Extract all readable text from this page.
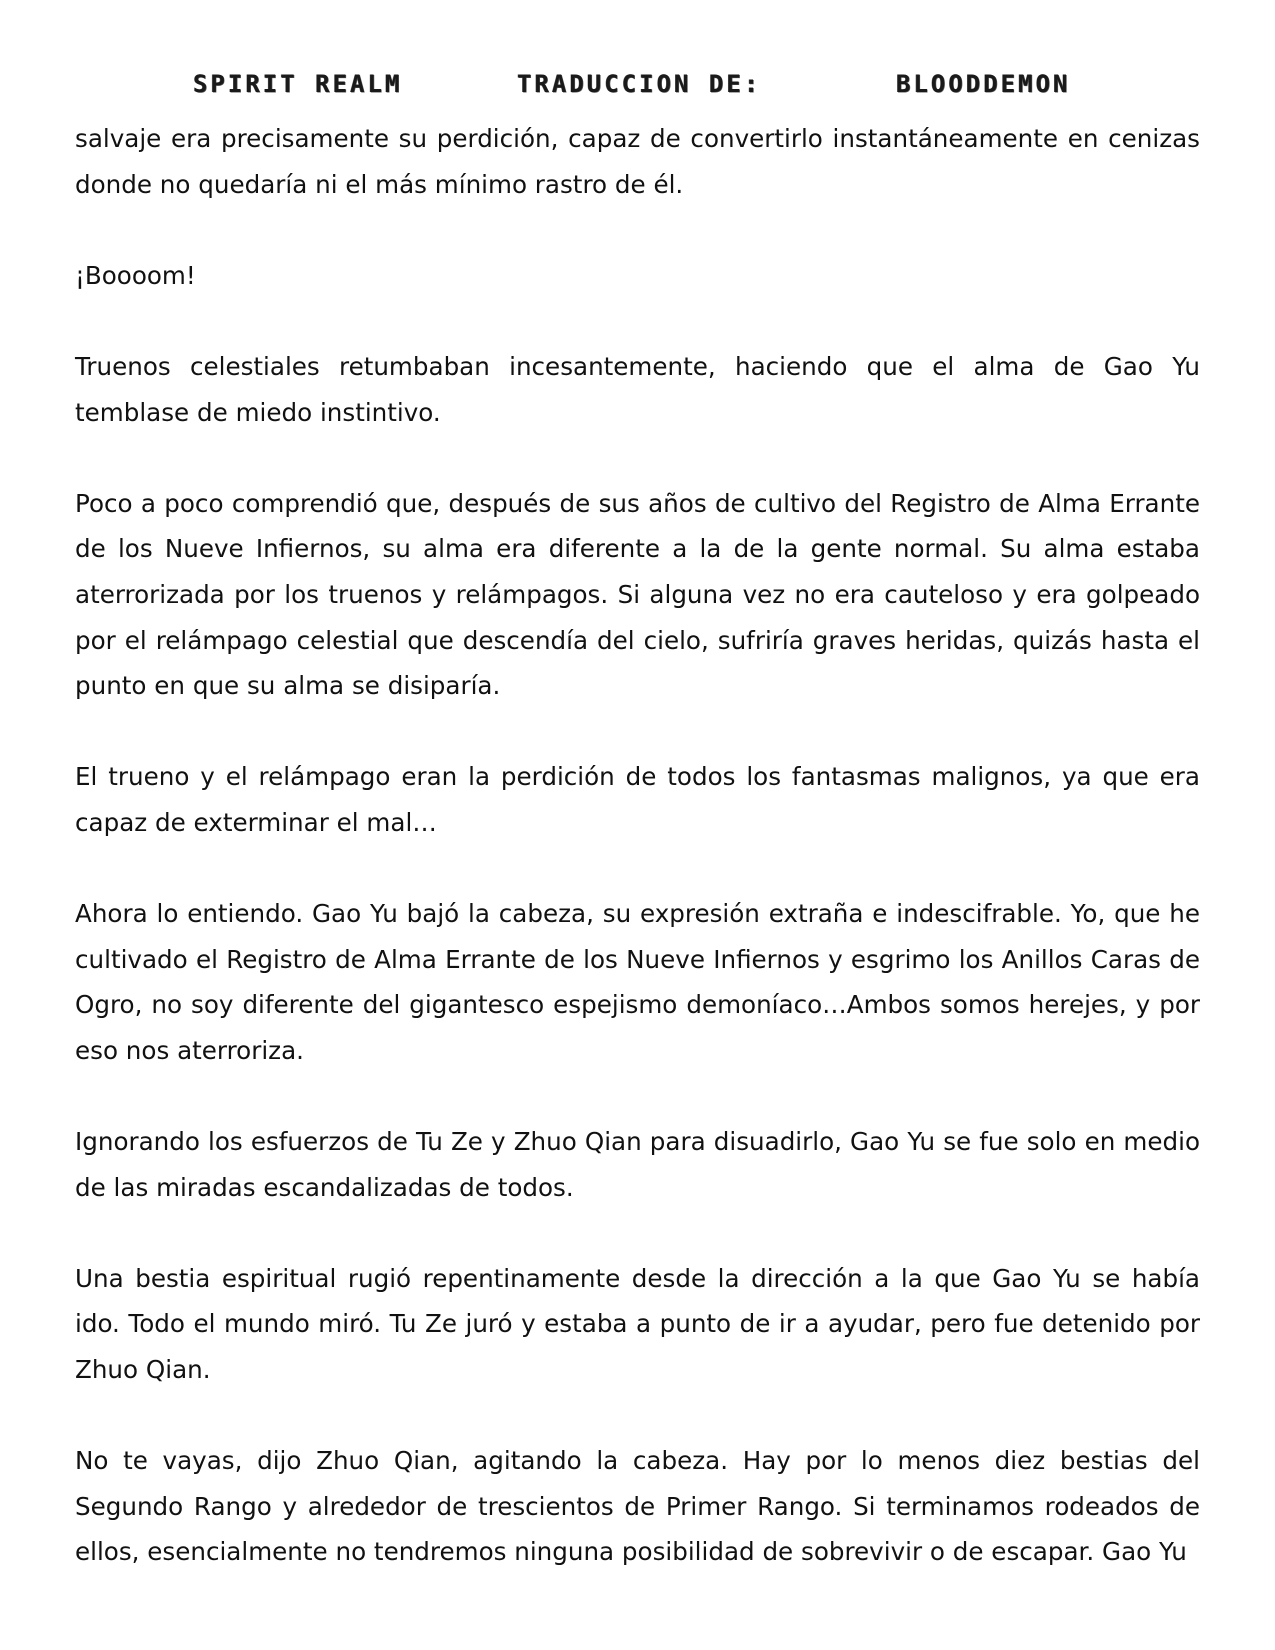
SPIRIT REALM	TRADUCCION DE:	BLOODDEMON

salvaje era precisamente su perdición, capaz de convertirlo instantáneamente en cenizas donde no quedaría ni el más mínimo rastro de él.

¡Boooom!

Truenos celestiales retumbaban incesantemente, haciendo que el alma de Gao Yu temblase de miedo instintivo.

Poco a poco comprendió que, después de sus años de cultivo del Registro de Alma Errante de los Nueve Infiernos, su alma era diferente a la de la gente normal. Su alma estaba aterrorizada por los truenos y relámpagos. Si alguna vez no era cauteloso y era golpeado por el relámpago celestial que descendía del cielo, sufriría graves heridas, quizás hasta el punto en que su alma se disiparía.

El trueno y el relámpago eran la perdición de todos los fantasmas malignos, ya que era capaz de exterminar el mal…

Ahora lo entiendo. Gao Yu bajó la cabeza, su expresión extraña e indescifrable. Yo, que he cultivado el Registro de Alma Errante de los Nueve Infiernos y esgrimo los Anillos Caras de Ogro, no soy diferente del gigantesco espejismo demoníaco…Ambos somos herejes, y por eso nos aterroriza.

Ignorando los esfuerzos de Tu Ze y Zhuo Qian para disuadirlo, Gao Yu se fue solo en medio de las miradas escandalizadas de todos.

Una bestia espiritual rugió repentinamente desde la dirección a la que Gao Yu se había ido. Todo el mundo miró. Tu Ze juró y estaba a punto de ir a ayudar, pero fue detenido por Zhuo Qian.

No te vayas, dijo Zhuo Qian, agitando la cabeza. Hay por lo menos diez bestias del Segundo Rango y alrededor de trescientos de Primer Rango. Si terminamos rodeados de ellos, esencialmente no tendremos ninguna posibilidad de sobrevivir o de escapar. Gao Yu
